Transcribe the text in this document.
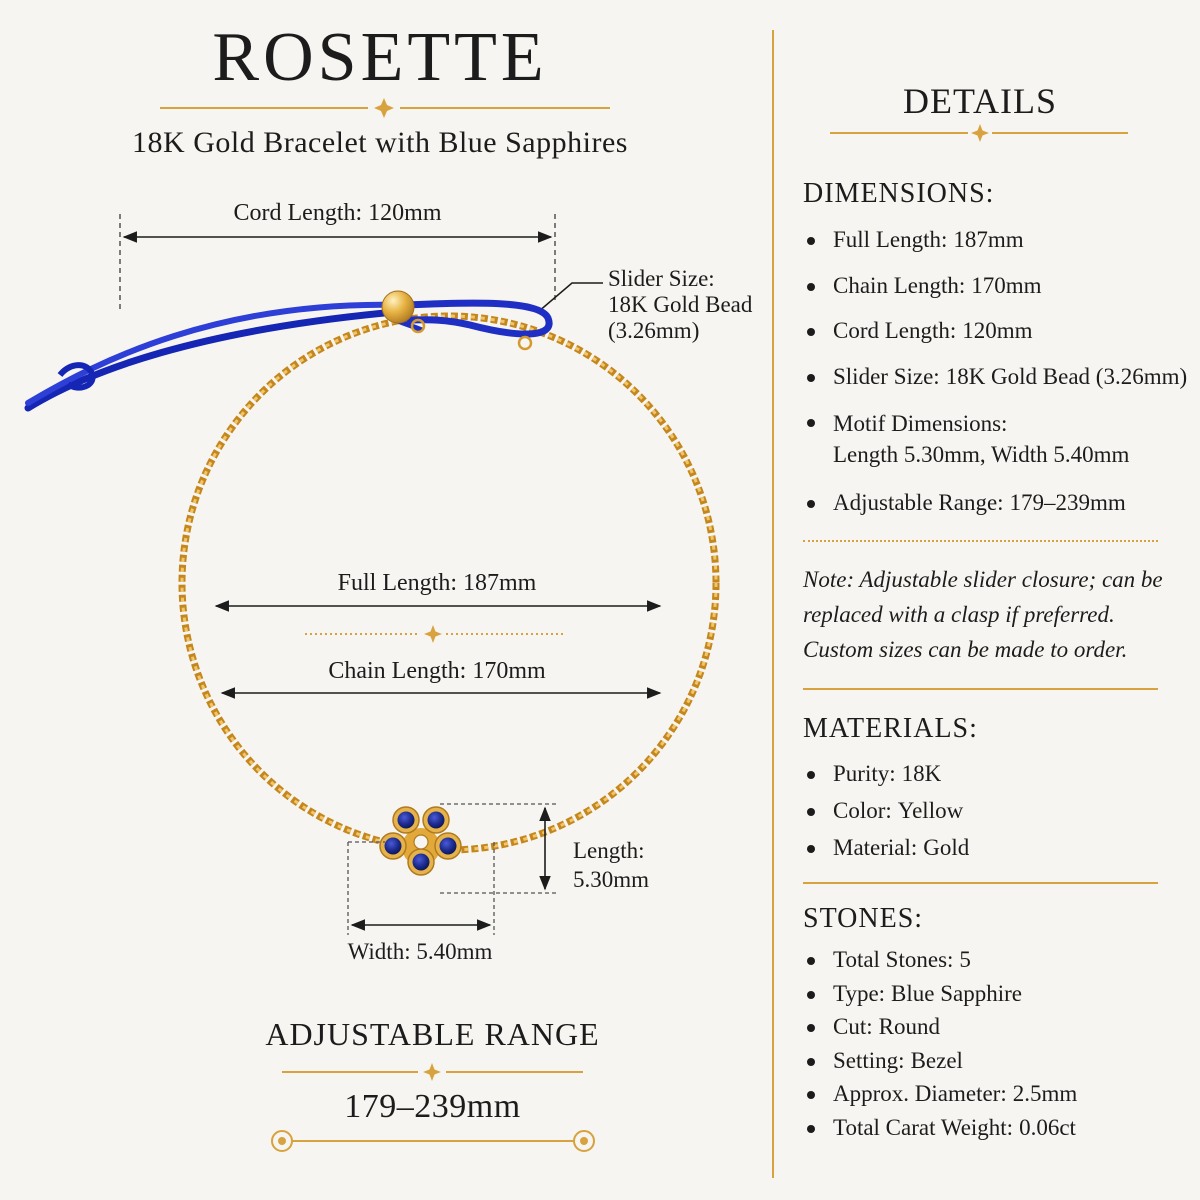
ROSETTE
18K Gold Bracelet with Blue Sapphires
Cord Length: 120mm
Slider Size:
18K Gold Bead
(3.26mm)
Full Length: 187mm
Chain Length: 170mm
Length:
5.30mm
Width: 5.40mm
ADJUSTABLE RANGE
179–239mm
DETAILS
DIMENSIONS:
Full Length: 187mm
Chain Length: 170mm
Cord Length: 120mm
Slider Size: 18K Gold Bead (3.26mm)
Motif Dimensions:
Length 5.30mm, Width 5.40mm
Adjustable Range: 179–239mm
Note: Adjustable slider closure; can be replaced with a clasp if preferred. Custom sizes can be made to order.
MATERIALS:
Purity: 18K
Color: Yellow
Material: Gold
STONES:
Total Stones: 5
Type: Blue Sapphire
Cut: Round
Setting: Bezel
Approx. Diameter: 2.5mm
Total Carat Weight: 0.06ct
